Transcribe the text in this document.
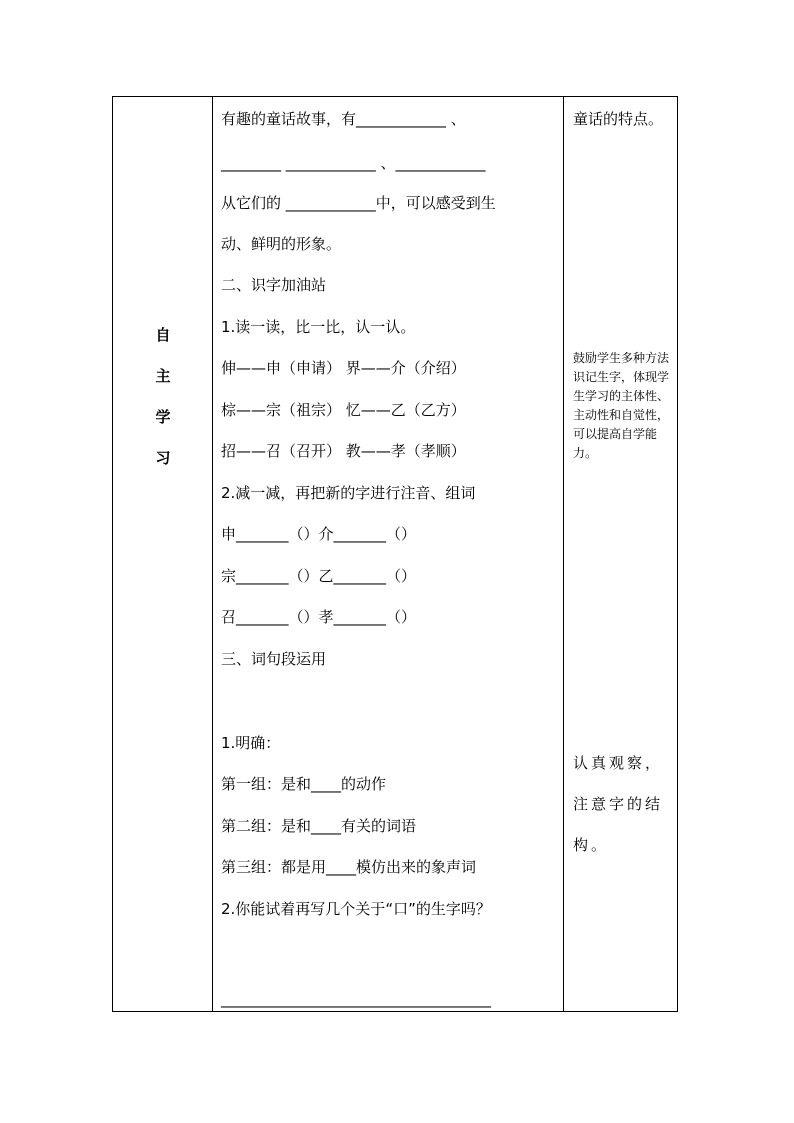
自
主
学
习
有趣的童话故事，有____________ 、
________ ____________ 、____________
从它们的 ____________中，可以感受到生
动、鲜明的形象。
二、识字加油站
1.读一读，比一比，认一认。
伸——申（申请） 界——介（介绍）
棕——宗（祖宗） 忆——乙（乙方）
招——召（召开） 教——孝（孝顺）
2.减一减，再把新的字进行注音、组词
申_______（）介_______（）
宗_______（）乙_______（）
召_______（）孝_______（）
三、词句段运用
1.明确：
第一组：是和____的动作
第二组：是和____有关的词语
第三组：都是用____模仿出来的象声词
2.你能试着再写几个关于“口”的生字吗？
____________________________________
童话的特点。
鼓励学生多种方法识记生字，体现学生学习的主体性、主动性和自觉性，可以提高自学能力。
认真观察，注意字的结构。
